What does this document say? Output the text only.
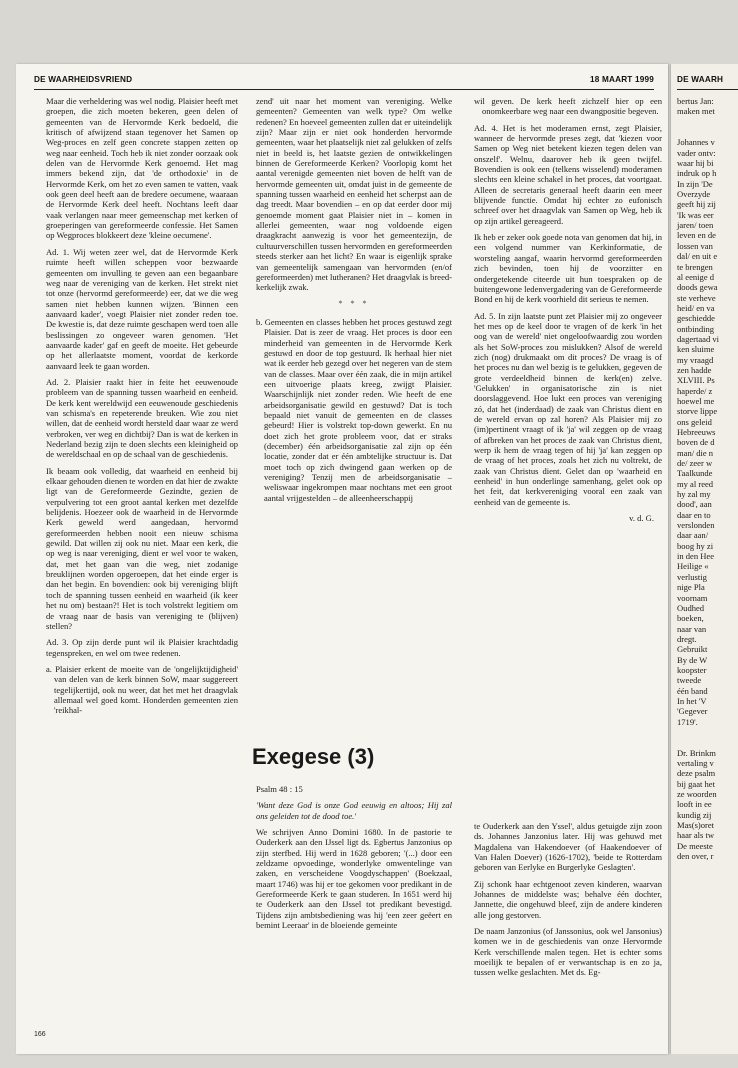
DE WAARHEIDSVRIEND	18 MAART 1999

Maar die verheldering was wel nodig. Plaisier heeft met groepen, die zich moeten bekeren, geen delen of gemeenten van de Hervormde Kerk bedoeld, die kritisch of afwijzend staan tegenover het Samen op Weg-proces en zelf geen concrete stappen zetten op weg naar eenheid. Toch heb ik niet zonder oorzaak ook delen van de Hervormde Kerk genoemd. Het mag immers bekend zijn, dat 'de orthodoxie' in de Hervormde Kerk, om het zo even samen te vatten, vaak ook geen deel heeft aan de bredere oecumene, waaraan de Hervormde Kerk deel heeft. Nochtans leeft daar vaak verlangen naar meer gemeenschap met kerken of groeperingen van gereformeerde confessie. Het Samen op Wegproces blokkeert deze 'kleine oecumene'.

Ad. 1. Wij weten zeer wel, dat de Hervormde Kerk ruimte heeft willen scheppen voor bezwaarde gemeenten om invulling te geven aan een begaanbare weg naar de vereniging van de kerken. Het strekt niet tot onze (hervormd gereformeerde) eer, dat we die weg samen niet hebben kunnen wijzen. 'Binnen een aanvaard kader', voegt Plaisier niet zonder reden toe. De kwestie is, dat deze ruimte geschapen werd toen alle beslissingen zo ongeveer waren genomen. 'Het aanvaarde kader' gaf en geeft de moeite. Het gebeurde op het allerlaatste moment, voordat de kerkorde aanvaard leek te gaan worden.

Ad. 2. Plaisier raakt hier in feite het eeuwenoude probleem van de spanning tussen waarheid en eenheid. De kerk kent wereldwijd een eeuwenoude geschiedenis van schisma's en repeterende breuken. Wie zou niet willen, dat de eenheid wordt hersteld daar waar ze werd verbroken, ver weg en dichtbij? Dan is wat de kerken in Nederland bezig zijn te doen slechts een kleinigheid op de wereldschaal en op de schaal van de geschiedenis.

Ik beaam ook volledig, dat waarheid en eenheid bij elkaar gehouden dienen te worden en dat hier de zwakte ligt van de Gereformeerde Gezindte, gezien de verpulvering tot een groot aantal kerken met dezelfde belijdenis. Hoezeer ook de waarheid in de Hervormde Kerk geweld werd aangedaan, hervormd gereformeerden hebben nooit een nieuw schisma gewild. Dat willen zij ook nu niet. Maar een kerk, die op weg is naar vereniging, dient er wel voor te waken, dat, met het gaan van die weg, niet zodanige breuklijnen worden opgeroepen, dat het einde erger is dan het begin. En bovendien: ook bij vereniging blijft toch de spanning tussen eenheid en waarheid (ik keer het nu om) bestaan?! Het is toch volstrekt legitiem om de vraag naar de basis van vereniging te (blijven) stellen?

Ad. 3. Op zijn derde punt wil ik Plaisier krachtdadig tegenspreken, en wel om twee redenen.

a. Plaisier erkent de moeite van de 'ongelijktijdigheid' van delen van de kerk binnen SoW, maar suggereert tegelijkertijd, ook nu weer, dat het met het draagvlak allemaal wel goed komt. Honderden gemeenten zien 'reikhal-

zend' uit naar het moment van vereniging. Welke gemeenten? Gemeenten van welk type? Om welke redenen? En hoeveel gemeenten zullen dat er uiteindelijk zijn? Maar zijn er niet ook honderden hervormde gemeenten, waar het plaatselijk niet zal gelukken of zelfs niet in beeld is, het laatste gezien de ontwikkelingen binnen de Gereformeerde Kerken? Voorlopig komt het aantal verenigde gemeenten niet boven de helft van de hervormde gemeenten uit, omdat juist in de gemeente de spanning tussen waarheid en eenheid het scherpst aan de dag treedt. Maar bovendien – en op dat eerder door mij genoemde moment gaat Plaisier niet in – komen in allerlei gemeenten, waar nog voldoende eigen draagkracht aanwezig is voor het gemeentezijn, de cultuurverschillen tussen hervormden en gereformeerden steeds sterker aan het licht? En waar is eigenlijk sprake van gemeentelijk samengaan van hervormden (en/of gereformeerden) met lutheranen? Het draagvlak is breed-kerkelijk zwak.

* * *

b. Gemeenten en classes hebben het proces gestuwd zegt Plaisier. Dat is zeer de vraag. Het proces is door een minderheid van gemeenten in de Hervormde Kerk gestuwd en door de top gestuurd. Ik herhaal hier niet wat ik eerder heb gezegd over het negeren van de stem van de classes. Maar over één zaak, die in mijn artikel een uitvoerige plaats kreeg, zwijgt Plaisier. Waarschijnlijk niet zonder reden. Wie heeft de ene arbeidsorganisatie gewild en gestuwd? Dat is toch bepaald niet vanuit de gemeenten en de classes gebeurd! Hier is volstrekt top-down gewerkt. En nu doet zich het grote probleem voor, dat er straks (december) één arbeidsorganisatie zal zijn op één locatie, zonder dat er één ambtelijke structuur is. Dat moet toch op zich dwingend gaan werken op de vereniging? Tenzij men de arbeidsorganisatie – weliswaar ingekrompen maar nochtans met een groot aantal vrijgestelden – de alleenheerschappij

wil geven. De kerk heeft zichzelf hier op een onomkeerbare weg naar een dwangpositie begeven.

Ad. 4. Het is het moderamen ernst, zegt Plaisier, wanneer de hervormde preses zegt, dat 'kiezen voor Samen op Weg niet betekent kiezen tegen delen van onszelf'. Welnu, daarover heb ik geen twijfel. Bovendien is ook een (telkens wisselend) moderamen slechts een kleine schakel in het proces, dat voortgaat. Alleen de secretaris generaal heeft daarin een meer blijvende functie. Omdat hij echter zo eufonisch schreef over het draagvlak van Samen op Weg, heb ik op zijn artikel gereageerd.

Ik heb er zeker ook goede nota van genomen dat hij, in een volgend nummer van Kerkinformatie, de worsteling aangaf, waarin hervormd gereformeerden zich bevinden, toen hij de voorzitter en ondergetekende citeerde uit hun toespraken op de buitengewone ledenvergadering van de Gereformeerde Bond en hij de kerk voorhield dit serieus te nemen.

Ad. 5. In zijn laatste punt zet Plaisier mij zo ongeveer het mes op de keel door te vragen of de kerk 'in het oog van de wereld' niet ongeloofwaardig zou worden als het SoW-proces zou mislukken? Alsof de wereld zich (nog) drukmaakt om dit proces? De vraag is of het proces nu dan wel bezig is te gelukken, gegeven de grote verdeeldheid binnen de kerk(en) zelve. 'Gelukken' in organisatorische zin is niet doorslaggevend. Hoe lukt een proces van vereniging zó, dat het (inderdaad) de zaak van Christus dient en de wereld ervan op zal horen? Als Plaisier mij zo (im)pertinent vraagt of ik 'ja' wil zeggen op de vraag of afbreken van het proces de zaak van Christus dient, werp ik hem de vraag tegen of hij 'ja' kan zeggen op de vraag of het proces, zoals het zich nu voltrekt, de zaak van Christus dient. Gelet dan op 'waarheid en eenheid' in hun onderlinge samenhang, gelet ook op het feit, dat kerkvereniging vooral een zaak van eenheid van de gemeente is.

v. d. G.
Exegese (3)

Psalm 48 : 15

'Want deze God is onze God eeuwig en altoos; Hij zal ons geleiden tot de dood toe.'

We schrijven Anno Domini 1680. In de pastorie te Ouderkerk aan den IJssel ligt ds. Egbertus Janzonius op zijn sterfbed. Hij werd in 1628 geboren; '(...) door een zeldzame opvoedinge, wonderlyke omwentelinge van zaken, en verscheidene Voogdyschappen' (Boekzaal, maart 1746) was hij er toe gekomen voor predikant in de Gereformeerde Kerk te gaan studeren. In 1651 werd hij te Ouderkerk aan den IJssel tot predikant bevestigd. Tijdens zijn ambtsbediening was hij 'een zeer geëert en bemint Leeraar' in de bloeiende gemeinte

te Ouderkerk aan den Yssel', aldus getuigde zijn zoon ds. Johannes Janzonius later. Hij was gehuwd met Magdalena van Hakendoever (of Haakendoever of Van Halen Doever) (1626-1702), 'beide te Rotterdam geboren van Eerlyke en Burgerlyke Geslagten'.

Zij schonk haar echtgenoot zeven kinderen, waarvan Johannes de middelste was; behalve één dochter, Jannette, die ongehuwd bleef, zijn de andere kinderen alle jong gestorven.

De naam Janzonius (of Janssonius, ook wel Jansonius) komen we in de geschiedenis van onze Hervormde Kerk verschillende malen tegen. Het is echter soms moeilijk te bepalen of er verwantschap is en zo ja, tussen welke geslachten. Met ds. Eg-

166
DE WAARH
bertus Jan:
maken met
Johannes v
vader ontv:
waar hij bi
indruk op h
In zijn 'De
Overzyde
geeft hij zij
'Ik was eer
jaren/ toen
leven en de
lossen van
dal/ en uit e
te brengen
al eenige d
doods gewa
ste verheve
heid/ en va
geschiedde
ontbinding
dagertaad vi
ken sluime
my vraagd
zen hadde
XLVIII. Ps
haperde/ z
hoewel me
storve lippe
ons geleid
Hebreeuws
boven de d
man/ die n
de/ zeer w
Taalkunde
my al reed
hy zal my
dood', aan
daar en to
verslonden
daar aan/
boog hy zi
in den Hee
Heilige «
verlustig
nige Pla
voornam
Oudhed
boeken,
naar van
dregt.
Gebruikt
By de W
koopster
tweede
één band
In het 'V
'Gegever
1719'.
Dr. Brinkm
vertaling v
deze psalm
bij gaat het
ze woorden
looft in ee
kundig zij
Mas(s)oret
haar als tw
De meeste
den over, r
